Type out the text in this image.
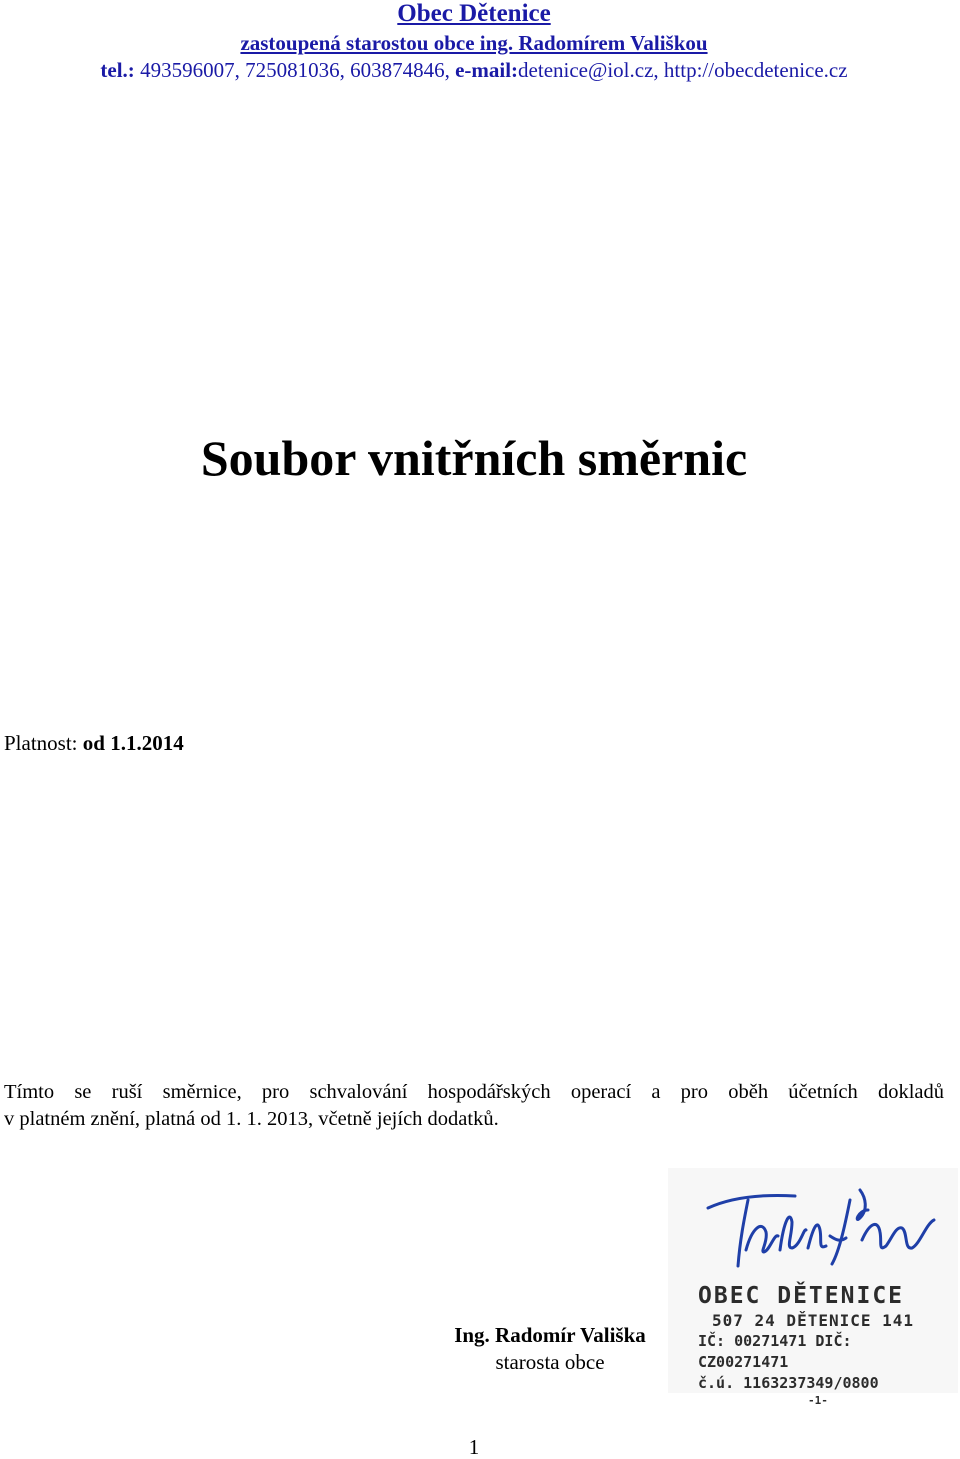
Obec Dětenice
zastoupená starostou obce ing. Radomírem Vališkou
tel.: 493596007, 725081036, 603874846, e-mail:detenice@iol.cz, http://obecdetenice.cz
Soubor vnitřních směrnic
Platnost: od 1.1.2014
Tímto se ruší směrnice, pro schvalování hospodářských operací a pro oběh účetních dokladů
v platném znění, platná od 1. 1. 2013, včetně jejích dodatků.
OBEC DĚTENICE
507 24 DĚTENICE 141
IČ: 00271471 DIČ: CZ00271471
č.ú. 1163237349/0800
-1-
Ing. Radomír Vališka
starosta obce
1
